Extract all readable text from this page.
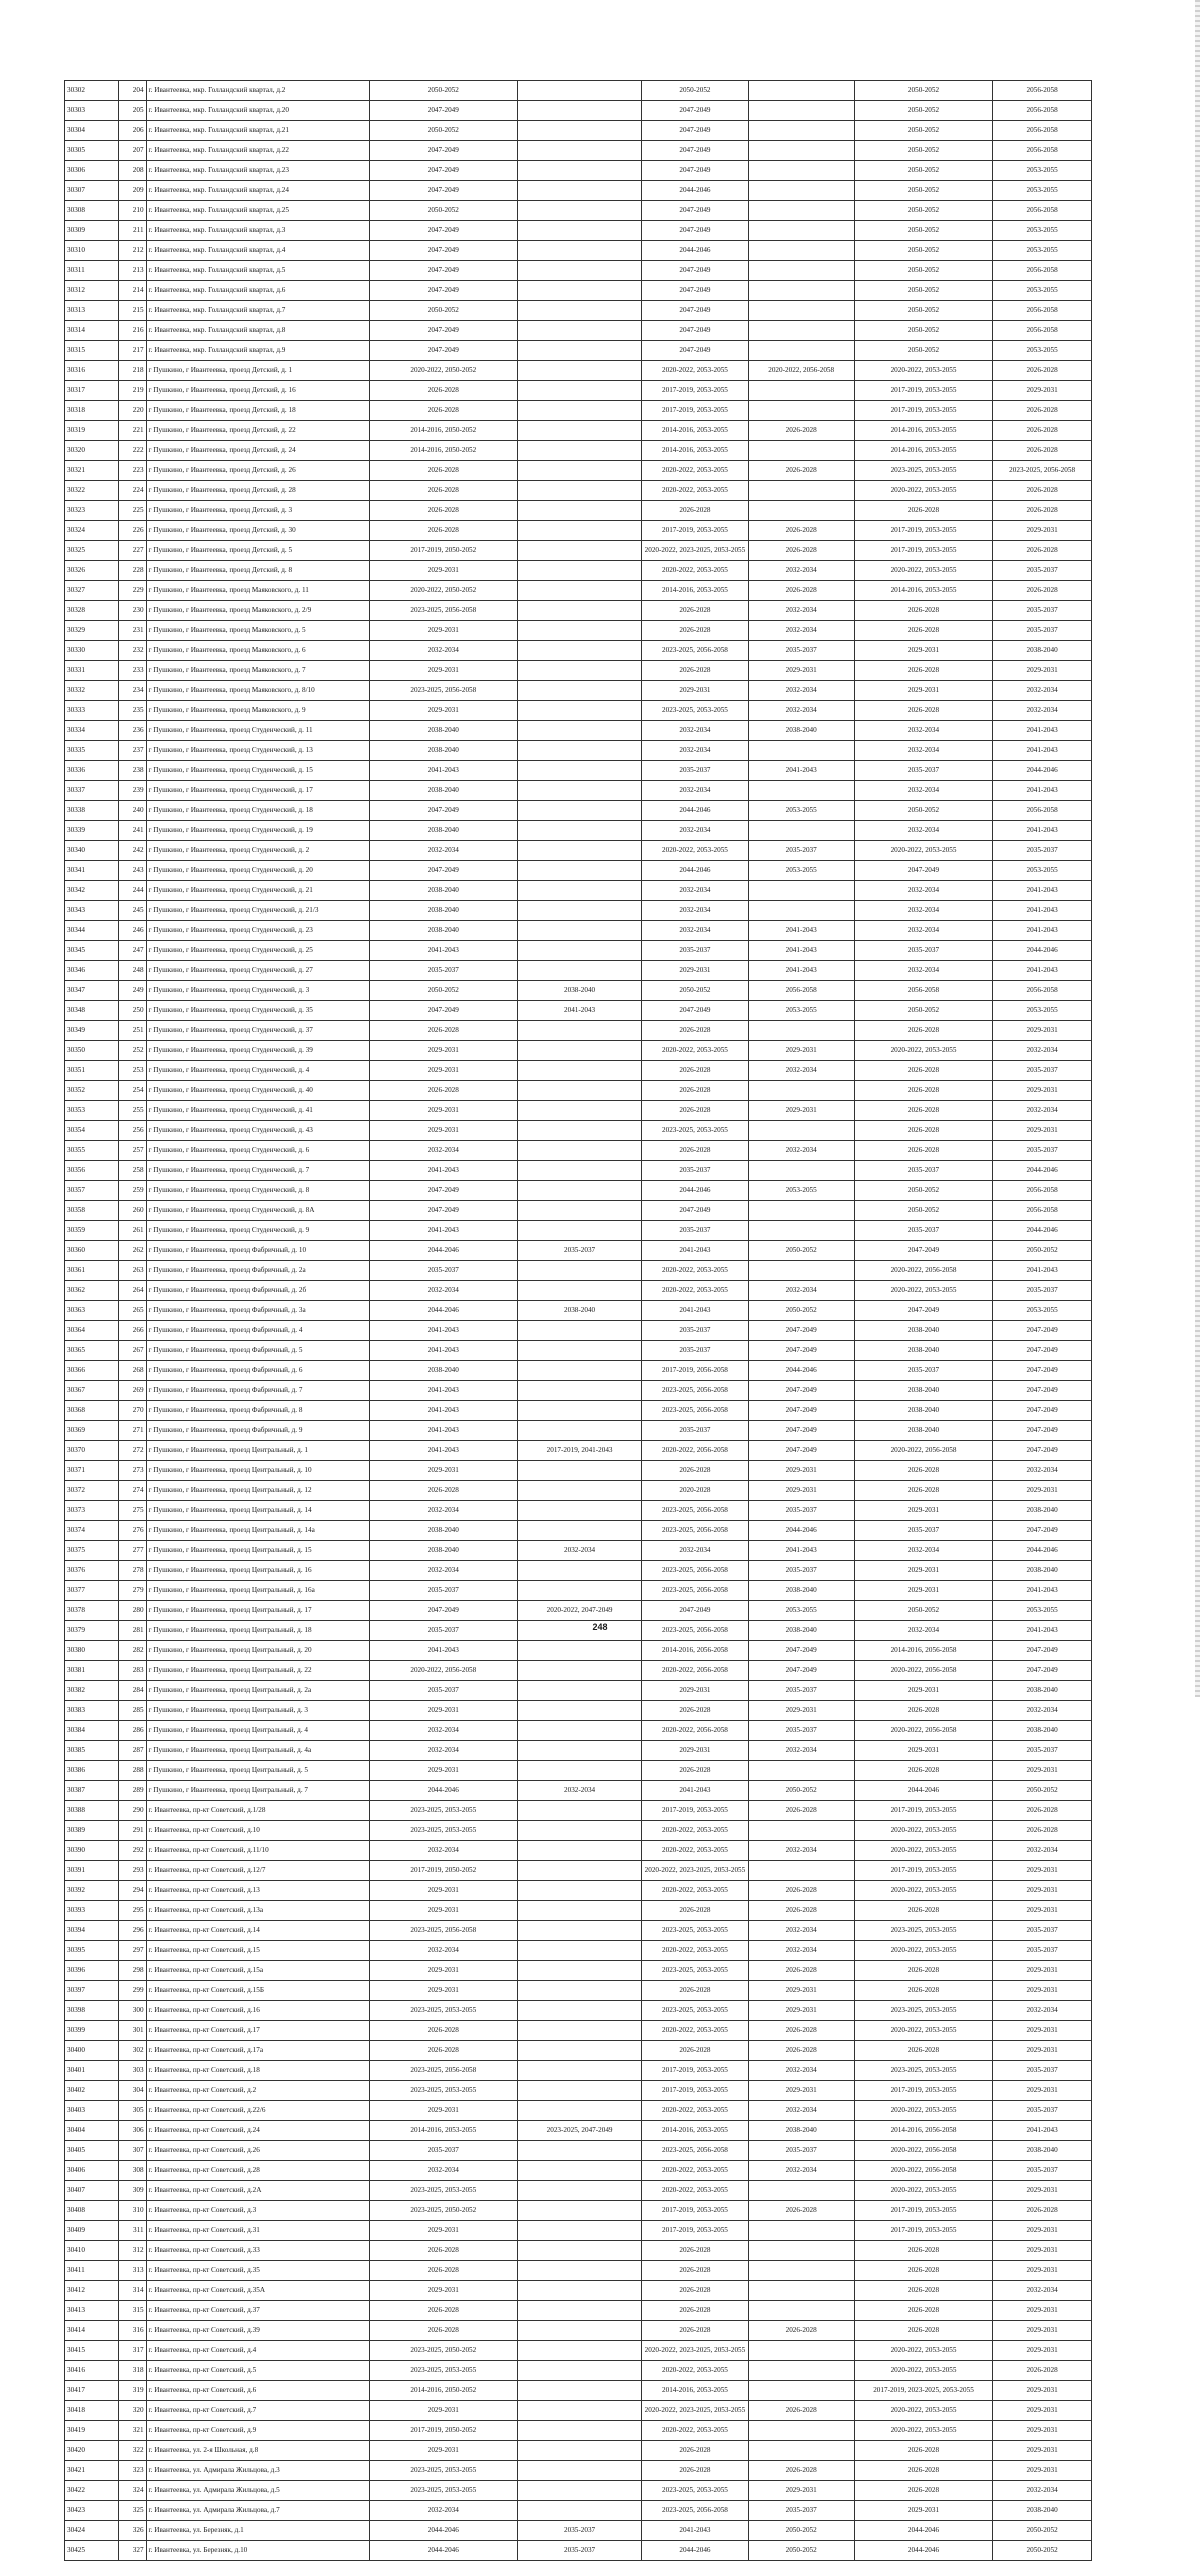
30302	204	г. Ивантеевка, мкр. Голландский квартал, д.2	2050-2052		2050-2052		2050-2052	2056-2058
30303	205	г. Ивантеевка, мкр. Голландский квартал, д.20	2047-2049		2047-2049		2050-2052	2056-2058
30304	206	г. Ивантеевка, мкр. Голландский квартал, д.21	2050-2052		2047-2049		2050-2052	2056-2058
30305	207	г. Ивантеевка, мкр. Голландский квартал, д.22	2047-2049		2047-2049		2050-2052	2056-2058
30306	208	г. Ивантеевка, мкр. Голландский квартал, д.23	2047-2049		2047-2049		2050-2052	2053-2055
30307	209	г. Ивантеевка, мкр. Голландский квартал, д.24	2047-2049		2044-2046		2050-2052	2053-2055
30308	210	г. Ивантеевка, мкр. Голландский квартал, д.25	2050-2052		2047-2049		2050-2052	2056-2058
30309	211	г. Ивантеевка, мкр. Голландский квартал, д.3	2047-2049		2047-2049		2050-2052	2053-2055
30310	212	г. Ивантеевка, мкр. Голландский квартал, д.4	2047-2049		2044-2046		2050-2052	2053-2055
30311	213	г. Ивантеевка, мкр. Голландский квартал, д.5	2047-2049		2047-2049		2050-2052	2056-2058
30312	214	г. Ивантеевка, мкр. Голландский квартал, д.6	2047-2049		2047-2049		2050-2052	2053-2055
30313	215	г. Ивантеевка, мкр. Голландский квартал, д.7	2050-2052		2047-2049		2050-2052	2056-2058
30314	216	г. Ивантеевка, мкр. Голландский квартал, д.8	2047-2049		2047-2049		2050-2052	2056-2058
30315	217	г. Ивантеевка, мкр. Голландский квартал, д.9	2047-2049		2047-2049		2050-2052	2053-2055
30316	218	г Пушкино, г Ивантеевка, проезд Детский, д. 1	2020-2022, 2050-2052		2020-2022, 2053-2055	2020-2022, 2056-2058	2020-2022, 2053-2055	2026-2028
30317	219	г Пушкино, г Ивантеевка, проезд Детский, д. 16	2026-2028		2017-2019, 2053-2055		2017-2019, 2053-2055	2029-2031
30318	220	г Пушкино, г Ивантеевка, проезд Детский, д. 18	2026-2028		2017-2019, 2053-2055		2017-2019, 2053-2055	2026-2028
30319	221	г Пушкино, г Ивантеевка, проезд Детский, д. 22	2014-2016, 2050-2052		2014-2016, 2053-2055	2026-2028	2014-2016, 2053-2055	2026-2028
30320	222	г Пушкино, г Ивантеевка, проезд Детский, д. 24	2014-2016, 2050-2052		2014-2016, 2053-2055		2014-2016, 2053-2055	2026-2028
30321	223	г Пушкино, г Ивантеевка, проезд Детский, д. 26	2026-2028		2020-2022, 2053-2055	2026-2028	2023-2025, 2053-2055	2023-2025, 2056-2058
30322	224	г Пушкино, г Ивантеевка, проезд Детский, д. 28	2026-2028		2020-2022, 2053-2055		2020-2022, 2053-2055	2026-2028
30323	225	г Пушкино, г Ивантеевка, проезд Детский, д. 3	2026-2028		2026-2028		2026-2028	2026-2028
30324	226	г Пушкино, г Ивантеевка, проезд Детский, д. 30	2026-2028		2017-2019, 2053-2055	2026-2028	2017-2019, 2053-2055	2029-2031
30325	227	г Пушкино, г Ивантеевка, проезд Детский, д. 5	2017-2019, 2050-2052		2020-2022, 2023-2025, 2053-2055	2026-2028	2017-2019, 2053-2055	2026-2028
30326	228	г Пушкино, г Ивантеевка, проезд Детский, д. 8	2029-2031		2020-2022, 2053-2055	2032-2034	2020-2022, 2053-2055	2035-2037
30327	229	г Пушкино, г Ивантеевка, проезд Маяковского, д. 11	2020-2022, 2050-2052		2014-2016, 2053-2055	2026-2028	2014-2016, 2053-2055	2026-2028
30328	230	г Пушкино, г Ивантеевка, проезд Маяковского, д. 2/9	2023-2025, 2056-2058		2026-2028	2032-2034	2026-2028	2035-2037
30329	231	г Пушкино, г Ивантеевка, проезд Маяковского, д. 5	2029-2031		2026-2028	2032-2034	2026-2028	2035-2037
30330	232	г Пушкино, г Ивантеевка, проезд Маяковского, д. 6	2032-2034		2023-2025, 2056-2058	2035-2037	2029-2031	2038-2040
30331	233	г Пушкино, г Ивантеевка, проезд Маяковского, д. 7	2029-2031		2026-2028	2029-2031	2026-2028	2029-2031
30332	234	г Пушкино, г Ивантеевка, проезд Маяковского, д. 8/10	2023-2025, 2056-2058		2029-2031	2032-2034	2029-2031	2032-2034
30333	235	г Пушкино, г Ивантеевка, проезд Маяковского, д. 9	2029-2031		2023-2025, 2053-2055	2032-2034	2026-2028	2032-2034
30334	236	г Пушкино, г Ивантеевка, проезд Студенческий, д. 11	2038-2040		2032-2034	2038-2040	2032-2034	2041-2043
30335	237	г Пушкино, г Ивантеевка, проезд Студенческий, д. 13	2038-2040		2032-2034		2032-2034	2041-2043
30336	238	г Пушкино, г Ивантеевка, проезд Студенческий, д. 15	2041-2043		2035-2037	2041-2043	2035-2037	2044-2046
30337	239	г Пушкино, г Ивантеевка, проезд Студенческий, д. 17	2038-2040		2032-2034		2032-2034	2041-2043
30338	240	г Пушкино, г Ивантеевка, проезд Студенческий, д. 18	2047-2049		2044-2046	2053-2055	2050-2052	2056-2058
30339	241	г Пушкино, г Ивантеевка, проезд Студенческий, д. 19	2038-2040		2032-2034		2032-2034	2041-2043
30340	242	г Пушкино, г Ивантеевка, проезд Студенческий, д. 2	2032-2034		2020-2022, 2053-2055	2035-2037	2020-2022, 2053-2055	2035-2037
30341	243	г Пушкино, г Ивантеевка, проезд Студенческий, д. 20	2047-2049		2044-2046	2053-2055	2047-2049	2053-2055
30342	244	г Пушкино, г Ивантеевка, проезд Студенческий, д. 21	2038-2040		2032-2034		2032-2034	2041-2043
30343	245	г Пушкино, г Ивантеевка, проезд Студенческий, д. 21/3	2038-2040		2032-2034		2032-2034	2041-2043
30344	246	г Пушкино, г Ивантеевка, проезд Студенческий, д. 23	2038-2040		2032-2034	2041-2043	2032-2034	2041-2043
30345	247	г Пушкино, г Ивантеевка, проезд Студенческий, д. 25	2041-2043		2035-2037	2041-2043	2035-2037	2044-2046
30346	248	г Пушкино, г Ивантеевка, проезд Студенческий, д. 27	2035-2037		2029-2031	2041-2043	2032-2034	2041-2043
30347	249	г Пушкино, г Ивантеевка, проезд Студенческий, д. 3	2050-2052	2038-2040	2050-2052	2056-2058	2056-2058	2056-2058
30348	250	г Пушкино, г Ивантеевка, проезд Студенческий, д. 35	2047-2049	2041-2043	2047-2049	2053-2055	2050-2052	2053-2055
30349	251	г Пушкино, г Ивантеевка, проезд Студенческий, д. 37	2026-2028		2026-2028		2026-2028	2029-2031
30350	252	г Пушкино, г Ивантеевка, проезд Студенческий, д. 39	2029-2031		2020-2022, 2053-2055	2029-2031	2020-2022, 2053-2055	2032-2034
30351	253	г Пушкино, г Ивантеевка, проезд Студенческий, д. 4	2029-2031		2026-2028	2032-2034	2026-2028	2035-2037
30352	254	г Пушкино, г Ивантеевка, проезд Студенческий, д. 40	2026-2028		2026-2028		2026-2028	2029-2031
30353	255	г Пушкино, г Ивантеевка, проезд Студенческий, д. 41	2029-2031		2026-2028	2029-2031	2026-2028	2032-2034
30354	256	г Пушкино, г Ивантеевка, проезд Студенческий, д. 43	2029-2031		2023-2025, 2053-2055		2026-2028	2029-2031
30355	257	г Пушкино, г Ивантеевка, проезд Студенческий, д. 6	2032-2034		2026-2028	2032-2034	2026-2028	2035-2037
30356	258	г Пушкино, г Ивантеевка, проезд Студенческий, д. 7	2041-2043		2035-2037		2035-2037	2044-2046
30357	259	г Пушкино, г Ивантеевка, проезд Студенческий, д. 8	2047-2049		2044-2046	2053-2055	2050-2052	2056-2058
30358	260	г Пушкино, г Ивантеевка, проезд Студенческий, д. 8А	2047-2049		2047-2049		2050-2052	2056-2058
30359	261	г Пушкино, г Ивантеевка, проезд Студенческий, д. 9	2041-2043		2035-2037		2035-2037	2044-2046
30360	262	г Пушкино, г Ивантеевка, проезд Фабричный, д. 10	2044-2046	2035-2037	2041-2043	2050-2052	2047-2049	2050-2052
30361	263	г Пушкино, г Ивантеевка, проезд Фабричный, д. 2а	2035-2037		2020-2022, 2053-2055		2020-2022, 2056-2058	2041-2043
30362	264	г Пушкино, г Ивантеевка, проезд Фабричный, д. 2б	2032-2034		2020-2022, 2053-2055	2032-2034	2020-2022, 2053-2055	2035-2037
30363	265	г Пушкино, г Ивантеевка, проезд Фабричный, д. 3а	2044-2046	2038-2040	2041-2043	2050-2052	2047-2049	2053-2055
30364	266	г Пушкино, г Ивантеевка, проезд Фабричный, д. 4	2041-2043		2035-2037	2047-2049	2038-2040	2047-2049
30365	267	г Пушкино, г Ивантеевка, проезд Фабричный, д. 5	2041-2043		2035-2037	2047-2049	2038-2040	2047-2049
30366	268	г Пушкино, г Ивантеевка, проезд Фабричный, д. 6	2038-2040		2017-2019, 2056-2058	2044-2046	2035-2037	2047-2049
30367	269	г Пушкино, г Ивантеевка, проезд Фабричный, д. 7	2041-2043		2023-2025, 2056-2058	2047-2049	2038-2040	2047-2049
30368	270	г Пушкино, г Ивантеевка, проезд Фабричный, д. 8	2041-2043		2023-2025, 2056-2058	2047-2049	2038-2040	2047-2049
30369	271	г Пушкино, г Ивантеевка, проезд Фабричный, д. 9	2041-2043		2035-2037	2047-2049	2038-2040	2047-2049
30370	272	г Пушкино, г Ивантеевка, проезд Центральный, д. 1	2041-2043	2017-2019, 2041-2043	2020-2022, 2056-2058	2047-2049	2020-2022, 2056-2058	2047-2049
30371	273	г Пушкино, г Ивантеевка, проезд Центральный, д. 10	2029-2031		2026-2028	2029-2031	2026-2028	2032-2034
30372	274	г Пушкино, г Ивантеевка, проезд Центральный, д. 12	2026-2028		2020-2028	2029-2031	2026-2028	2029-2031
30373	275	г Пушкино, г Ивантеевка, проезд Центральный, д. 14	2032-2034		2023-2025, 2056-2058	2035-2037	2029-2031	2038-2040
30374	276	г Пушкино, г Ивантеевка, проезд Центральный, д. 14а	2038-2040		2023-2025, 2056-2058	2044-2046	2035-2037	2047-2049
30375	277	г Пушкино, г Ивантеевка, проезд Центральный, д. 15	2038-2040	2032-2034	2032-2034	2041-2043	2032-2034	2044-2046
30376	278	г Пушкино, г Ивантеевка, проезд Центральный, д. 16	2032-2034		2023-2025, 2056-2058	2035-2037	2029-2031	2038-2040
30377	279	г Пушкино, г Ивантеевка, проезд Центральный, д. 16а	2035-2037		2023-2025, 2056-2058	2038-2040	2029-2031	2041-2043
30378	280	г Пушкино, г Ивантеевка, проезд Центральный, д. 17	2047-2049	2020-2022, 2047-2049	2047-2049	2053-2055	2050-2052	2053-2055
30379	281	г Пушкино, г Ивантеевка, проезд Центральный, д. 18	2035-2037		2023-2025, 2056-2058	2038-2040	2032-2034	2041-2043
30380	282	г Пушкино, г Ивантеевка, проезд Центральный, д. 20	2041-2043		2014-2016, 2056-2058	2047-2049	2014-2016, 2056-2058	2047-2049
30381	283	г Пушкино, г Ивантеевка, проезд Центральный, д. 22	2020-2022, 2056-2058		2020-2022, 2056-2058	2047-2049	2020-2022, 2056-2058	2047-2049
30382	284	г Пушкино, г Ивантеевка, проезд Центральный, д. 2а	2035-2037		2029-2031	2035-2037	2029-2031	2038-2040
30383	285	г Пушкино, г Ивантеевка, проезд Центральный, д. 3	2029-2031		2026-2028	2029-2031	2026-2028	2032-2034
30384	286	г Пушкино, г Ивантеевка, проезд Центральный, д. 4	2032-2034		2020-2022, 2056-2058	2035-2037	2020-2022, 2056-2058	2038-2040
30385	287	г Пушкино, г Ивантеевка, проезд Центральный, д. 4а	2032-2034		2029-2031	2032-2034	2029-2031	2035-2037
30386	288	г Пушкино, г Ивантеевка, проезд Центральный, д. 5	2029-2031		2026-2028		2026-2028	2029-2031
30387	289	г Пушкино, г Ивантеевка, проезд Центральный, д. 7	2044-2046	2032-2034	2041-2043	2050-2052	2044-2046	2050-2052
30388	290	г. Ивантеевка, пр-кт Советский, д.1/28	2023-2025, 2053-2055		2017-2019, 2053-2055	2026-2028	2017-2019, 2053-2055	2026-2028
30389	291	г. Ивантеевка, пр-кт Советский, д.10	2023-2025, 2053-2055		2020-2022, 2053-2055		2020-2022, 2053-2055	2026-2028
30390	292	г. Ивантеевка, пр-кт Советский, д.11/10	2032-2034		2020-2022, 2053-2055	2032-2034	2020-2022, 2053-2055	2032-2034
30391	293	г. Ивантеевка, пр-кт Советский, д.12/7	2017-2019, 2050-2052		2020-2022, 2023-2025, 2053-2055		2017-2019, 2053-2055	2029-2031
30392	294	г. Ивантеевка, пр-кт Советский, д.13	2029-2031		2020-2022, 2053-2055	2026-2028	2020-2022, 2053-2055	2029-2031
30393	295	г. Ивантеевка, пр-кт Советский, д.13а	2029-2031		2026-2028	2026-2028	2026-2028	2029-2031
30394	296	г. Ивантеевка, пр-кт Советский, д.14	2023-2025, 2056-2058		2023-2025, 2053-2055	2032-2034	2023-2025, 2053-2055	2035-2037
30395	297	г. Ивантеевка, пр-кт Советский, д.15	2032-2034		2020-2022, 2053-2055	2032-2034	2020-2022, 2053-2055	2035-2037
30396	298	г. Ивантеевка, пр-кт Советский, д.15а	2029-2031		2023-2025, 2053-2055	2026-2028	2026-2028	2029-2031
30397	299	г. Ивантеевка, пр-кт Советский, д.15Б	2029-2031		2026-2028	2029-2031	2026-2028	2029-2031
30398	300	г. Ивантеевка, пр-кт Советский, д.16	2023-2025, 2053-2055		2023-2025, 2053-2055	2029-2031	2023-2025, 2053-2055	2032-2034
30399	301	г. Ивантеевка, пр-кт Советский, д.17	2026-2028		2020-2022, 2053-2055	2026-2028	2020-2022, 2053-2055	2029-2031
30400	302	г. Ивантеевка, пр-кт Советский, д.17а	2026-2028		2026-2028	2026-2028	2026-2028	2029-2031
30401	303	г. Ивантеевка, пр-кт Советский, д.18	2023-2025, 2056-2058		2017-2019, 2053-2055	2032-2034	2023-2025, 2053-2055	2035-2037
30402	304	г. Ивантеевка, пр-кт Советский, д.2	2023-2025, 2053-2055		2017-2019, 2053-2055	2029-2031	2017-2019, 2053-2055	2029-2031
30403	305	г. Ивантеевка, пр-кт Советский, д.22/6	2029-2031		2020-2022, 2053-2055	2032-2034	2020-2022, 2053-2055	2035-2037
30404	306	г. Ивантеевка, пр-кт Советский, д.24	2014-2016, 2053-2055	2023-2025, 2047-2049	2014-2016, 2053-2055	2038-2040	2014-2016, 2056-2058	2041-2043
30405	307	г. Ивантеевка, пр-кт Советский, д.26	2035-2037		2023-2025, 2056-2058	2035-2037	2020-2022, 2056-2058	2038-2040
30406	308	г. Ивантеевка, пр-кт Советский, д.28	2032-2034		2020-2022, 2053-2055	2032-2034	2020-2022, 2056-2058	2035-2037
30407	309	г. Ивантеевка, пр-кт Советский, д.2А	2023-2025, 2053-2055		2020-2022, 2053-2055		2020-2022, 2053-2055	2029-2031
30408	310	г. Ивантеевка, пр-кт Советский, д.3	2023-2025, 2050-2052		2017-2019, 2053-2055	2026-2028	2017-2019, 2053-2055	2026-2028
30409	311	г. Ивантеевка, пр-кт Советский, д.31	2029-2031		2017-2019, 2053-2055		2017-2019, 2053-2055	2029-2031
30410	312	г. Ивантеевка, пр-кт Советский, д.33	2026-2028		2026-2028		2026-2028	2029-2031
30411	313	г. Ивантеевка, пр-кт Советский, д.35	2026-2028		2026-2028		2026-2028	2029-2031
30412	314	г. Ивантеевка, пр-кт Советский, д.35А	2029-2031		2026-2028		2026-2028	2032-2034
30413	315	г. Ивантеевка, пр-кт Советский, д.37	2026-2028		2026-2028		2026-2028	2029-2031
30414	316	г. Ивантеевка, пр-кт Советский, д.39	2026-2028		2026-2028	2026-2028	2026-2028	2029-2031
30415	317	г. Ивантеевка, пр-кт Советский, д.4	2023-2025, 2050-2052		2020-2022, 2023-2025, 2053-2055		2020-2022, 2053-2055	2029-2031
30416	318	г. Ивантеевка, пр-кт Советский, д.5	2023-2025, 2053-2055		2020-2022, 2053-2055		2020-2022, 2053-2055	2026-2028
30417	319	г. Ивантеевка, пр-кт Советский, д.6	2014-2016, 2050-2052		2014-2016, 2053-2055		2017-2019, 2023-2025, 2053-2055	2029-2031
30418	320	г. Ивантеевка, пр-кт Советский, д.7	2029-2031		2020-2022, 2023-2025, 2053-2055	2026-2028	2020-2022, 2053-2055	2029-2031
30419	321	г. Ивантеевка, пр-кт Советский, д.9	2017-2019, 2050-2052		2020-2022, 2053-2055		2020-2022, 2053-2055	2029-2031
30420	322	г. Ивантеевка, ул. 2-я Школьная, д.8	2029-2031		2026-2028		2026-2028	2029-2031
30421	323	г. Ивантеевка, ул. Адмирала Жильцова, д.3	2023-2025, 2053-2055		2026-2028	2026-2028	2026-2028	2029-2031
30422	324	г. Ивантеевка, ул. Адмирала Жильцова, д.5	2023-2025, 2053-2055		2023-2025, 2053-2055	2029-2031	2026-2028	2032-2034
30423	325	г. Ивантеевка, ул. Адмирала Жильцова, д.7	2032-2034		2023-2025, 2056-2058	2035-2037	2029-2031	2038-2040
30424	326	г. Ивантеевка, ул. Березняк, д.1	2044-2046	2035-2037	2041-2043	2050-2052	2044-2046	2050-2052
30425	327	г. Ивантеевка, ул. Березняк, д.10	2044-2046	2035-2037	2044-2046	2050-2052	2044-2046	2050-2052
248
